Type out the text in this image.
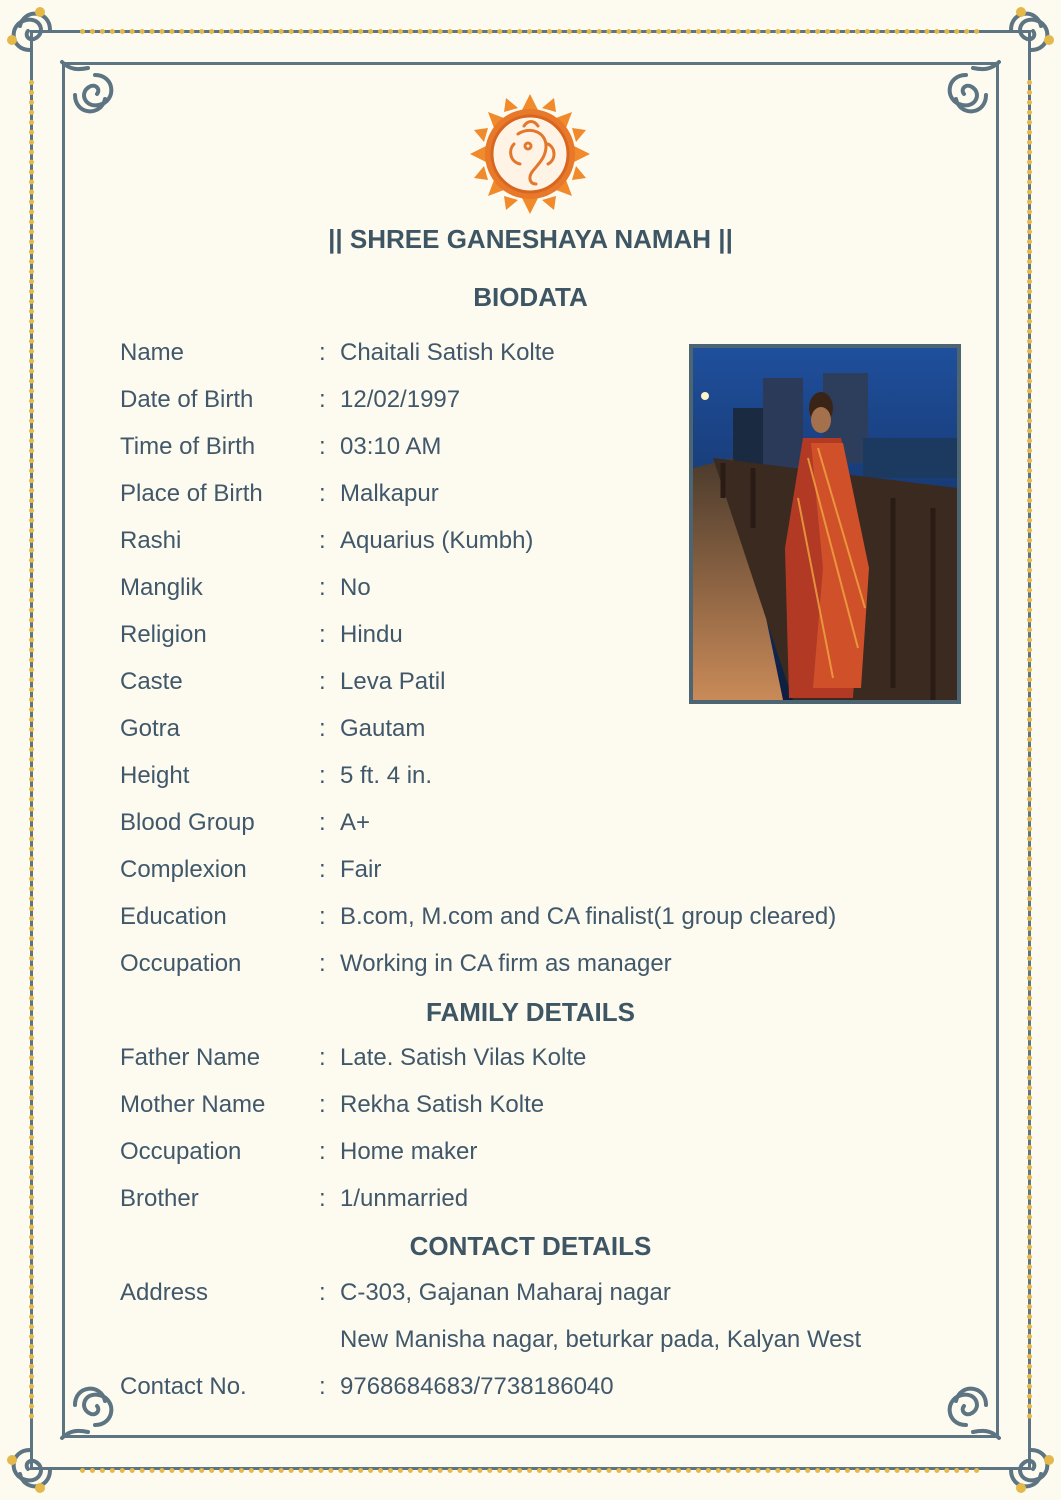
|| SHREE GANESHAYA NAMAH ||
BIODATA
Name	: Chaitali Satish Kolte
Date of Birth	: 12/02/1997
Time of Birth	: 03:10 AM
Place of Birth : Malkapur
Rashi	: Aquarius (Kumbh)
Manglik	: No
Religion	: Hindu
Caste	: Leva Patil
Gotra	: Gautam
Height	: 5 ft. 4 in.
Blood Group	: A+
Complexion	: Fair
Education	: B.com, M.com and CA finalist(1 group cleared)
Occupation	: Working in CA firm as manager
FAMILY DETAILS
Father Name : Late. Satish Vilas Kolte
Mother Name : Rekha Satish Kolte
Occupation	: Home maker
Brother	: 1/unmarried
CONTACT DETAILS
Address	: C-303, Gajanan Maharaj nagar
New Manisha nagar, beturkar pada, Kalyan West
Contact No.	: 9768684683/7738186040
